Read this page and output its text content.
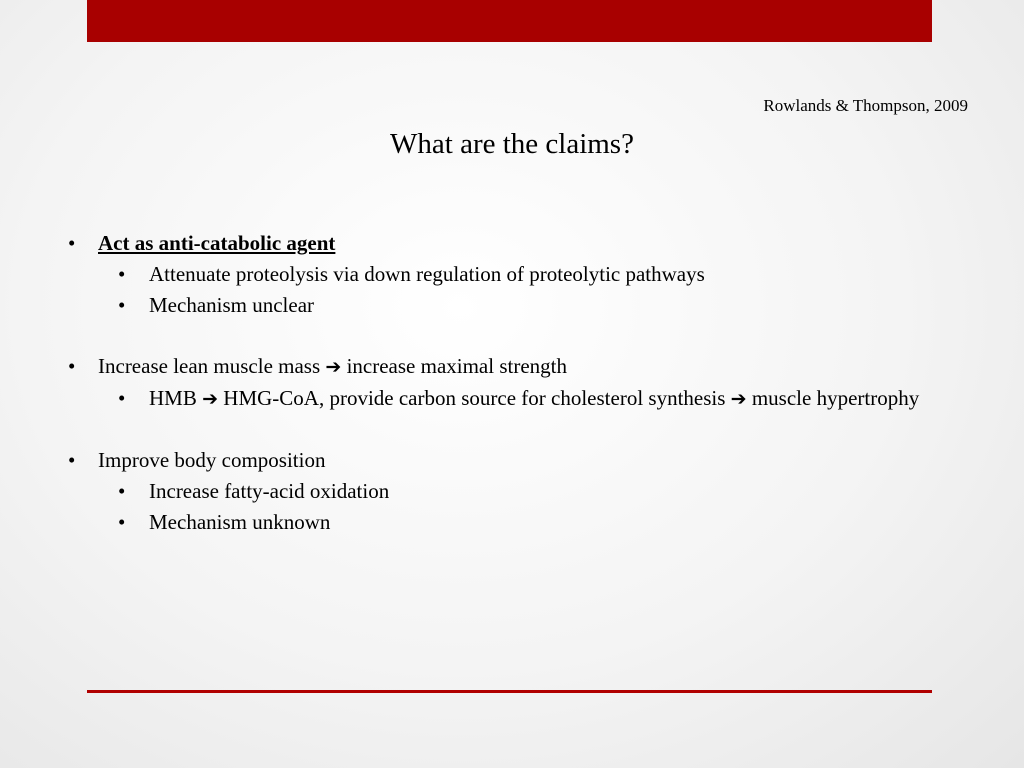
Rowlands & Thompson, 2009
What are the claims?
• Act as anti-catabolic agent
• Attenuate proteolysis via down regulation of proteolytic pathways
• Mechanism unclear
• Increase lean muscle mass ➔ increase maximal strength
• HMB ➔ HMG-CoA, provide carbon source for cholesterol synthesis ➔ muscle hypertrophy
• Improve body composition
• Increase fatty-acid oxidation
• Mechanism unknown
